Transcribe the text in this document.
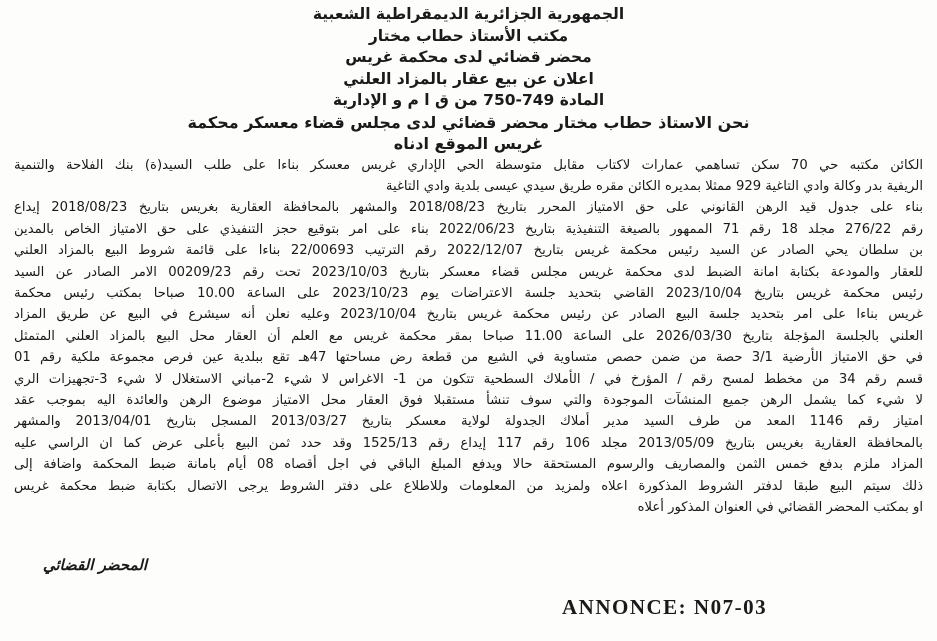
الجمهورية الجزائرية الديمقراطية الشعبية

مكتب الأستاذ حطاب مختار

محضر قضائي لدى محكمة غريس

اعلان عن بيع عقار بالمزاد العلني

المادة 749-750 من ق ا م و الإدارية

نحن الاستاذ حطاب مختار محضر قضائي لدى مجلس قضاء معسكر محكمة

غريس الموقع ادناه

الكائن مكتبه حي 70 سكن تساهمي عمارات لاكتاب مقابل متوسطة الحي الإداري غريس معسكر بناءا على طلب السيد(ة) بنك الفلاحة والتنمية
الريفية بدر وكالة وادي التاغية 929 ممثلا بمديره الكائن مقره طريق سيدي عيسى بلدية وادي التاغية
بناء على جدول قيد الرهن القانوني على حق الامتياز المحرر بتاريخ 2018/08/23 والمشهر بالمحافظة العقارية بغريس بتاريخ 2018/08/23 إيداع
رقم 276/22 مجلد 18 رقم 71 الممهور بالصيغة التنفيذية بتاريخ 2022/06/23 بناء على امر بتوقيع حجز التنفيذي على حق الامتياز الخاص بالمدين
بن سلطان يحي الصادر عن السيد رئيس محكمة غريس بتاريخ 2022/12/07 رقم الترتيب 22/00693 بناءا على قائمة شروط البيع بالمزاد العلني
للعقار والمودعة بكتابة امانة الضبط لدى محكمة غريس مجلس قضاء معسكر بتاريخ 2023/10/03 تحت رقم 00209/23 الامر الصادر عن السيد
رئيس محكمة غريس بتاريخ 2023/10/04 القاضي بتحديد جلسة الاعتراضات يوم 2023/10/23 على الساعة 10.00 صباحا بمكتب رئيس محكمة
غريس بناءا على امر بتحديد جلسة البيع الصادر عن رئيس محكمة غريس بتاريخ 2023/10/04 وعليه نعلن أنه سيشرع في البيع عن طريق المزاد
العلني بالجلسة المؤجلة بتاريخ 2026/03/30 على الساعة 11.00 صباحا بمقر محكمة غريس مع العلم أن العقار محل البيع بالمزاد العلني المتمثل
في حق الامتياز الأرضية 3/1 حصة من ضمن حصص متساوية في الشيع من قطعة رض مساحتها 47هـ تقع ببلدية عين فرص مجموعة ملكية رقم 01
قسم رقم 34 من مخطط لمسح رقم / المؤرخ في / الأملاك السطحية تتكون من 1- الاغراس لا شيء 2-مباني الاستغلال لا شيء 3-تجهيزات الري
لا شيء كما يشمل الرهن جميع المنشآت الموجودة والتي سوف تنشأ مستقبلا فوق العقار محل الامتياز موضوع الرهن والعائدة اليه بموجب عقد
امتياز رقم 1146 المعد من طرف السيد مدير أملاك الجدولة لولاية معسكر بتاريخ 2013/03/27 المسجل بتاريخ 2013/04/01 والمشهر
بالمحافظة العقارية بغريس بتاريخ 2013/05/09 مجلد 106 رقم 117 إيداع رقم 1525/13 وقد حدد ثمن البيع بأعلى عرض كما ان الراسي عليه
المزاد ملزم بدفع خمس الثمن والمصاريف والرسوم المستحقة حالا ويدفع المبلغ الباقي في اجل أقصاه 08 أيام بامانة ضبط المحكمة واضافة إلى
ذلك سيتم البيع طبقا لدفتر الشروط المذكورة اعلاه ولمزيد من المعلومات وللاطلاع على دفتر الشروط يرجى الاتصال بكتابة ضبط محكمة غريس
او بمكتب المحضر القضائي في العنوان المذكور أعلاه
المحضر القضائي
ANNONCE: N07-03
